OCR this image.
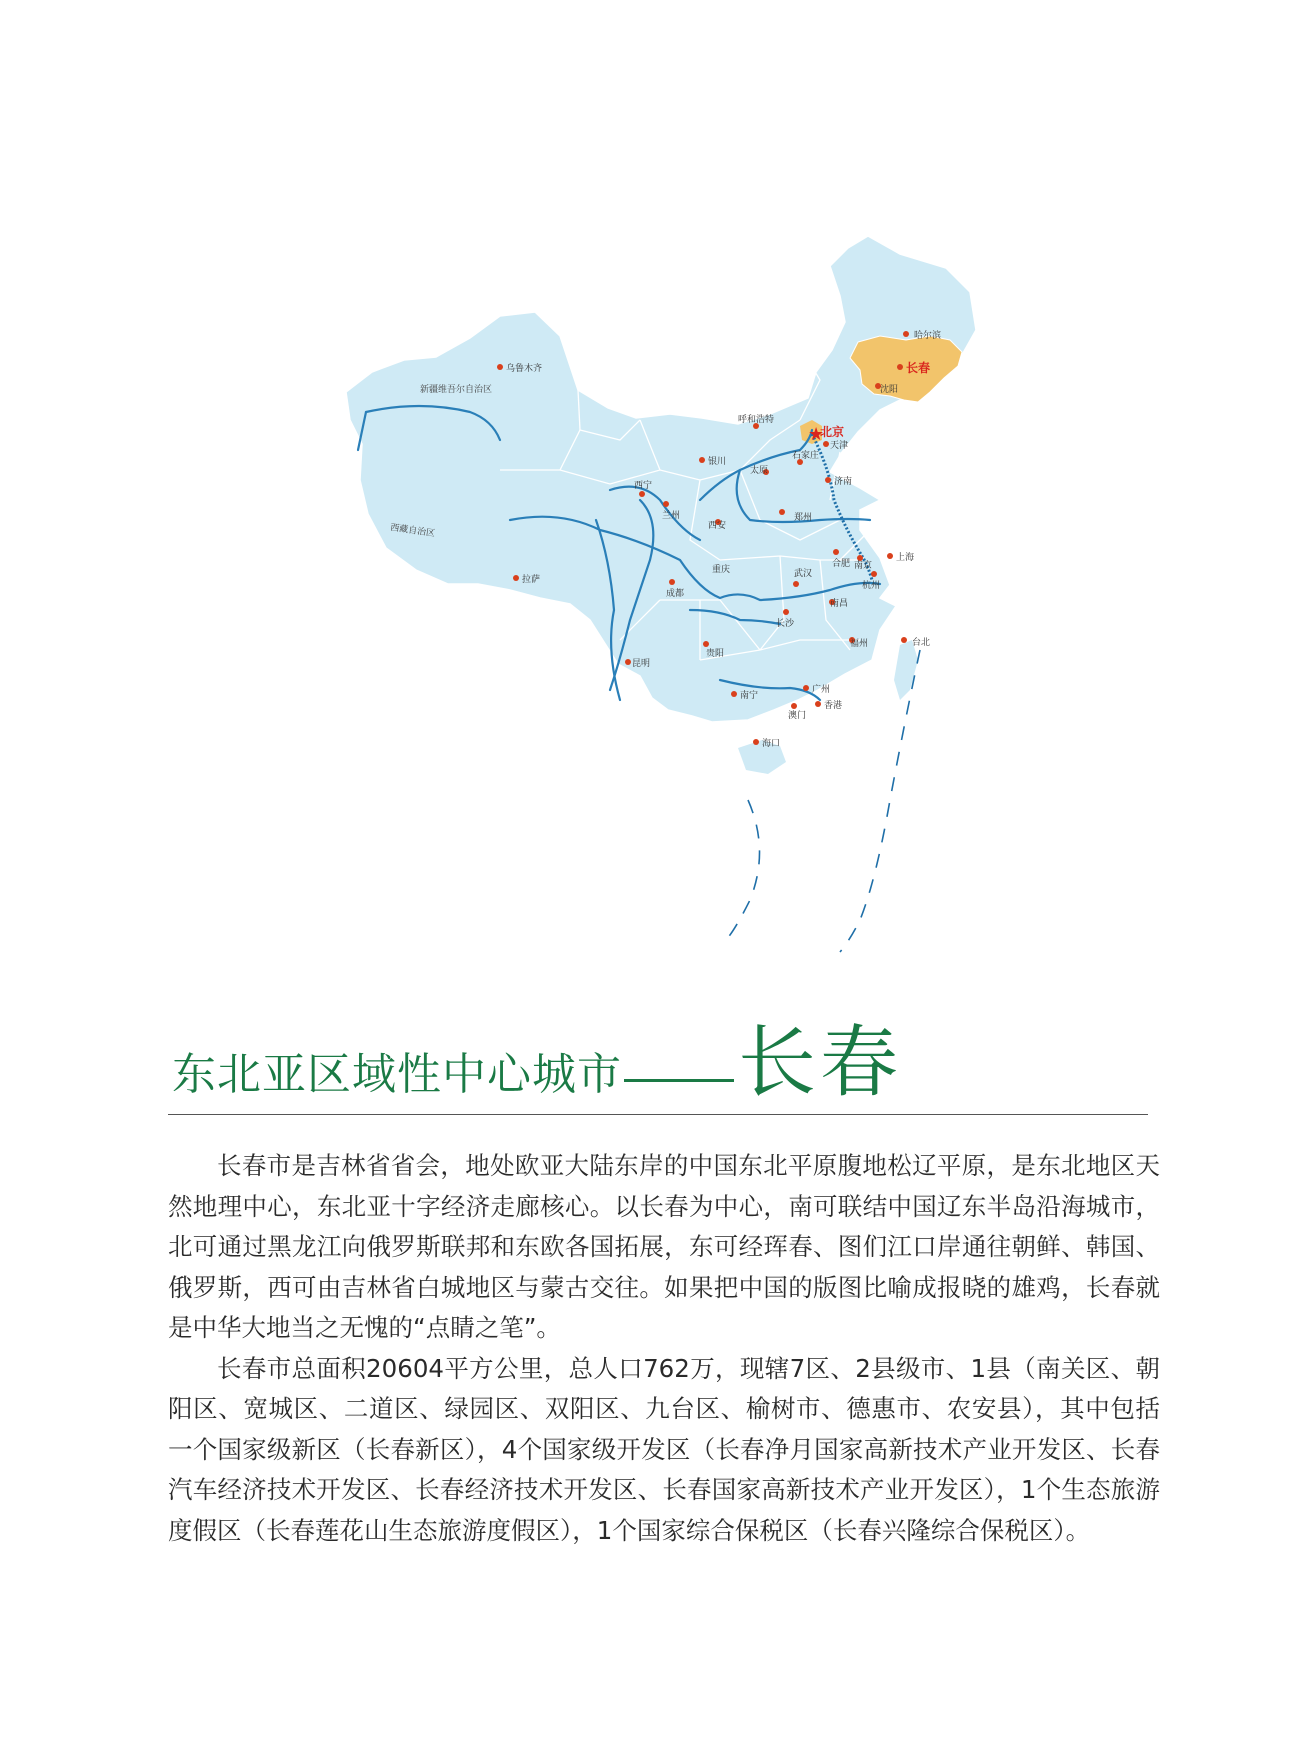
新疆维吾尔自治区
西藏自治区
★
乌鲁木齐
哈尔滨
长春
沈阳
呼和浩特
北京
天津
石家庄
太原
银川
济南
西宁
兰州
西安
郑州
合肥 南京
上海
杭州
武汉
拉萨
成都
重庆
长沙
南昌
贵阳
昆明
福州	台北
广州
南宁
香港
澳门
海口
东北亚区域性中心城市 长春

长春市是吉林省省会，地处欧亚大陆东岸的中国东北平原腹地松辽平原，是东北地区天然地理中心，东北亚十字经济走廊核心。以长春为中心，南可联结中国辽东半岛沿海城市，北可通过黑龙江向俄罗斯联邦和东欧各国拓展，东可经珲春、图们江口岸通往朝鲜、韩国、俄罗斯，西可由吉林省白城地区与蒙古交往。如果把中国的版图比喻成报晓的雄鸡，长春就是中华大地当之无愧的“点睛之笔”。

长春市总面积20604平方公里，总人口762万，现辖7区、2县级市、1县（南关区、朝阳区、宽城区、二道区、绿园区、双阳区、九台区、榆树市、德惠市、农安县），其中包括一个国家级新区（长春新区），4个国家级开发区（长春净月国家高新技术产业开发区、长春汽车经济技术开发区、长春经济技术开发区、长春国家高新技术产业开发区），1个生态旅游度假区（长春莲花山生态旅游度假区），1个国家综合保税区（长春兴隆综合保税区）。
